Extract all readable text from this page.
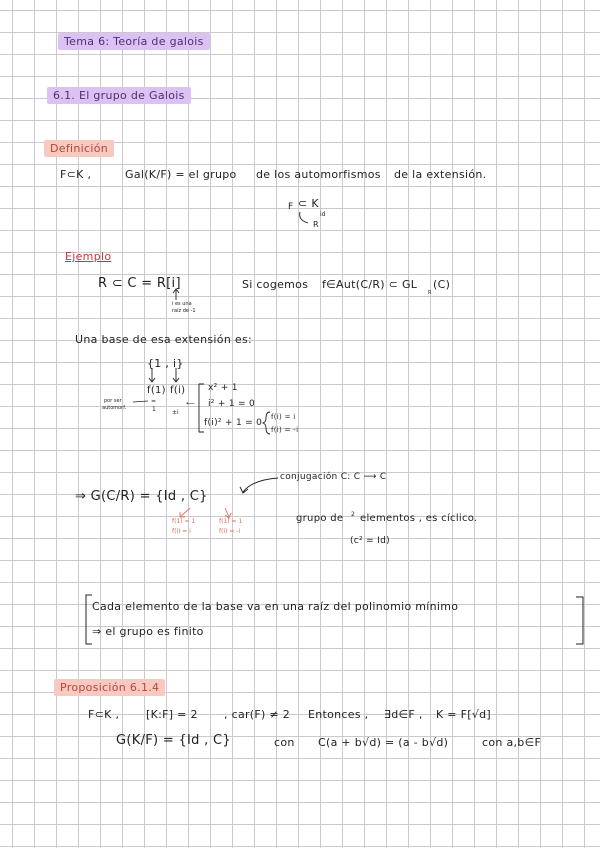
Tema 6: Teoría de galois
6.1. El grupo de Galois
Definición
F⊂K ,	Gal(K/F) = el grupo de los automorfismos de la extensión.
F ⊂ K
R
id
Ejemplo
R ⊂ C = R[i]
i es una
raíz de -1
Si cogemos f∈Aut(C/R) ⊂ GL
R
(C)
Una base de esa extensión es:
{1 , i}
f(1) f(i)
por ser
automorf.
=
1	±i
⟵
x² + 1
i² + 1 = 0
f(i)² + 1 = 0
f(i) = i
f(i) = -i
conjugación C: C ⟶ C
⇒ G(C/R) = {Id , C}
f(1) = 1
f(i) = i
f(1) = 1
f(i) = -i
grupo de 2 elementos , es cíclico.
(c² = Id)
Cada elemento de la base va en una raíz del polinomio mínimo
⇒ el grupo es finito
Proposición 6.1.4
F⊂K , [K:F] = 2 , car(F) ≠ 2 Entonces , ∃d∈F , K = F[√d]
G(K/F) = {Id , C}	con C(a + b√d) = (a - b√d)	con a,b∈F
